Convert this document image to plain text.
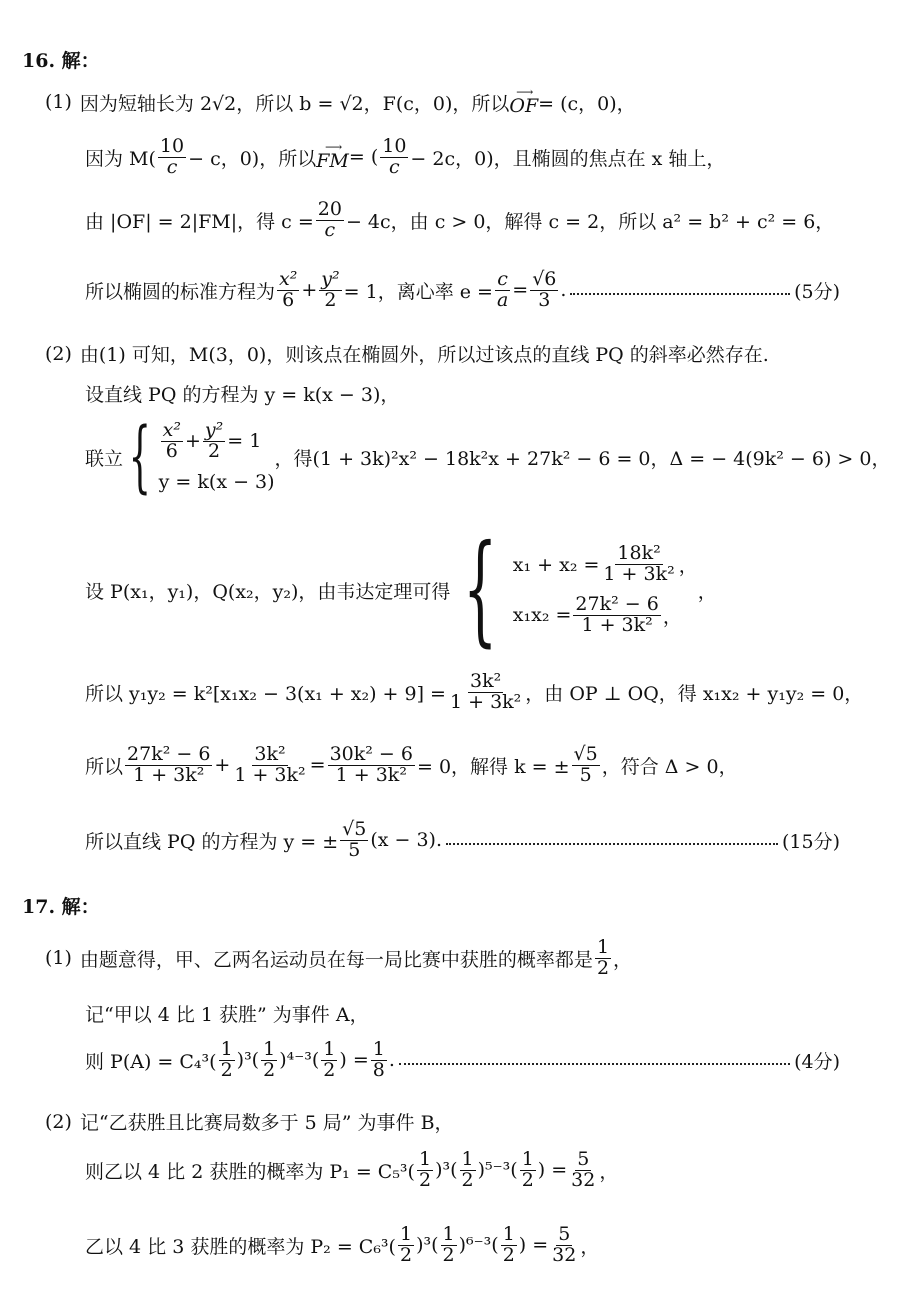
16. 解：
(1) 因为短轴长为 2√2，所以 b = √2，F(c，0)，所以
⟶
OF = (c，0)，
因为 $M( \frac{10}{c} - c$，0)，所以
⟶
FM = ( $\frac{10}{c} - 2c$，0)，且椭圆的焦点在 x 轴上，
由 |OF| = 2|FM|，得 $c = \frac{20}{c} - 4c$，由 c > 0，解得 c = 2，所以 a² = b² + c² = 6，
所以椭圆的标准方程为 $\frac{\text{x²}}{6} + \frac{\text{y²}}{2} = 1$，离心率 $e = \frac{c}{a} = \frac{√6}{3}$ .	(5分)
(2) 由(1) 可知，M(3，0)，则该点在椭圆外，所以过该点的直线 PQ 的斜率必然存在.
设直线 PQ 的方程为 y = k(x − 3)，
联立 { $\frac{\text{x²}}{6} + \frac{\text{y²}}{2} = 1$
y = k(x − 3)
，得(1 + 3k)²x² − 18k²x + 27k² − 6 = 0，Δ = − 4(9k² − 6) > 0，
设 P(x₁，y₁)，Q(x₂，y₂)，由韦达定理可得 { $x_1 + x_2 = \frac{\text{18k²}}{\text{1 + 3k²}}$ ，
$x_1x_2 = \frac{\text{27k² − 6}}{\text{1 + 3k²}}$ ，
，
所以 $y_1y_2 = k^2[x_1x_2 - 3(x_1 + x_2) + 9] = \frac{\text{3k²}}{\text{1 + 3k²}}$ ，由 OP ⊥ OQ，得 x₁x₂ + y₁y₂ = 0，
所以 $\frac{\text{27k² − 6}}{\text{1 + 3k²}} + \frac{\text{3k²}}{\text{1 + 3k²}} = \frac{\text{30k² − 6}}{\text{1 + 3k²}} = 0$，解得 k = ± $\frac{√5}{5}$ ，符合 Δ > 0，
所以直线 PQ 的方程为 y = ± $\frac{√5}{5} (x - 3)$.	(15分)
17. 解：
(1) 由题意得，甲、乙两名运动员在每一局比赛中获胜的概率都是 $\frac{1}{2}$ ，
记“甲以 4 比 1 获胜” 为事件 A，
则 $P(A) = C_4^3( \frac{1}{2} )^3( \frac{1}{2} )^{4-3}( \frac{1}{2}$ ) = $\frac{1}{8}$ .	(4分)
(2) 记“乙获胜且比赛局数多于 5 局” 为事件 B，
则乙以 4 比 2 获胜的概率为 $P_1 = C_5^3( \frac{1}{2} )^3( \frac{1}{2} )^{5-3}( \frac{1}{2}$ ) = $\frac{5}{32}$ ，
乙以 4 比 3 获胜的概率为 $P_2 = C_6^3( \frac{1}{2} )^3( \frac{1}{2} )^{6-3}( \frac{1}{2}$ ) = $\frac{5}{32}$ ，
